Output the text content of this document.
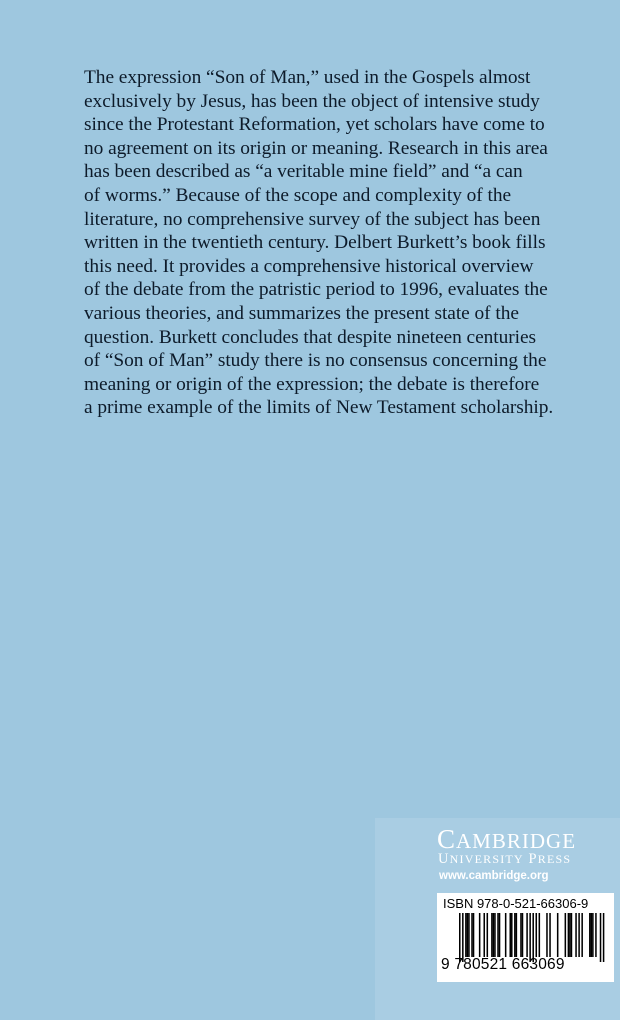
The expression “Son of Man,” used in the Gospels almost
exclusively by Jesus, has been the object of intensive study
since the Protestant Reformation, yet scholars have come to
no agreement on its origin or meaning. Research in this area
has been described as “a veritable mine field” and “a can
of worms.” Because of the scope and complexity of the
literature, no comprehensive survey of the subject has been
written in the twentieth century. Delbert Burkett’s book fills
this need. It provides a comprehensive historical overview
of the debate from the patristic period to 1996, evaluates the
various theories, and summarizes the present state of the
question. Burkett concludes that despite nineteen centuries
of “Son of Man” study there is no consensus concerning the
meaning or origin of the expression; the debate is therefore
a prime example of the limits of New Testament scholarship.
CAMBRIDGE
UNIVERSITY PRESS
www.cambridge.org
ISBN 978-0-521-66306-9
9 780521 663069
